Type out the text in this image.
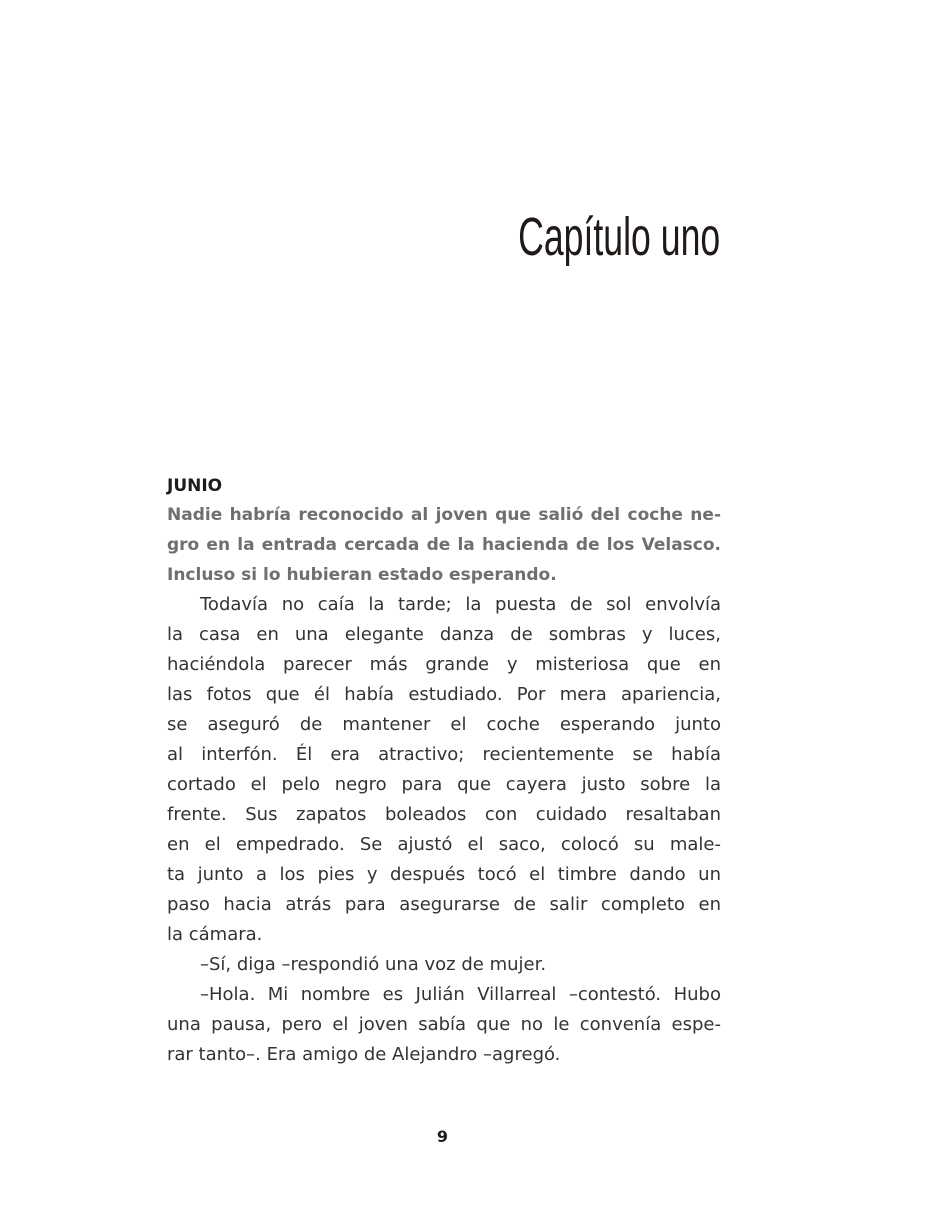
Capítulo uno

JUNIO

Nadie habría reconocido al joven que salió del coche ne-
gro en la entrada cercada de la hacienda de los Velasco.
Incluso si lo hubieran estado esperando.
Todavía no caía la tarde; la puesta de sol envolvía
la casa en una elegante danza de sombras y luces,
haciéndola parecer más grande y misteriosa que en
las fotos que él había estudiado. Por mera apariencia,
se aseguró de mantener el coche esperando junto
al interfón. Él era atractivo; recientemente se había
cortado el pelo negro para que cayera justo sobre la
frente. Sus zapatos boleados con cuidado resaltaban
en el empedrado. Se ajustó el saco, colocó su male-
ta junto a los pies y después tocó el timbre dando un
paso hacia atrás para asegurarse de salir completo en
la cámara.
–Sí, diga –respondió una voz de mujer.
–Hola. Mi nombre es Julián Villarreal –contestó. Hubo
una pausa, pero el joven sabía que no le convenía espe-
rar tanto–. Era amigo de Alejandro –agregó.
9
